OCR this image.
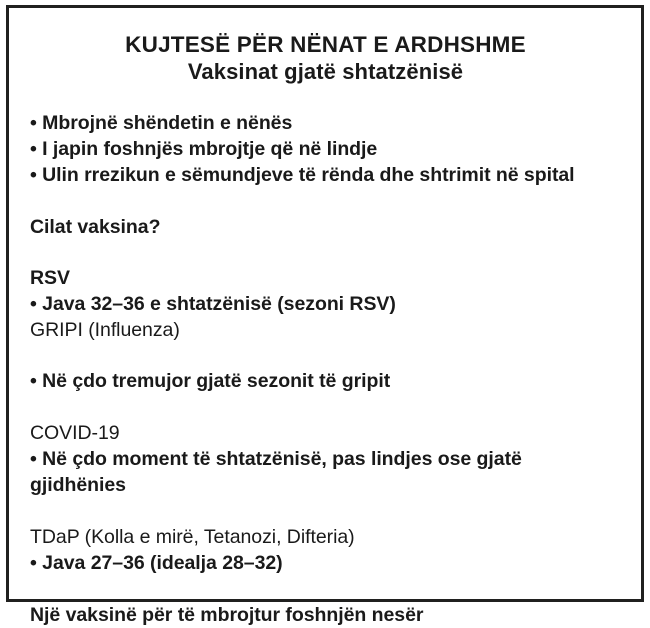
KUJTESË PËR NËNAT E ARDHSHME
Vaksinat gjatë shtatzënisë
• Mbrojnë shëndetin e nënës
• I japin foshnjës mbrojtje që në lindje
• Ulin rrezikun e sëmundjeve të rënda dhe shtrimit në spital
Cilat vaksina?
RSV
• Java 32–36 e shtatzënisë (sezoni RSV)
GRIPI (Influenza)
• Në çdo tremujor gjatë sezonit të gripit
COVID-19
• Në çdo moment të shtatzënisë, pas lindjes ose gjatë
gjidhënies
TDaP (Kolla e mirë, Tetanozi, Difteria)
• Java 27–36 (idealja 28–32)
Një vaksinë për të mbrojtur foshnjën nesër
